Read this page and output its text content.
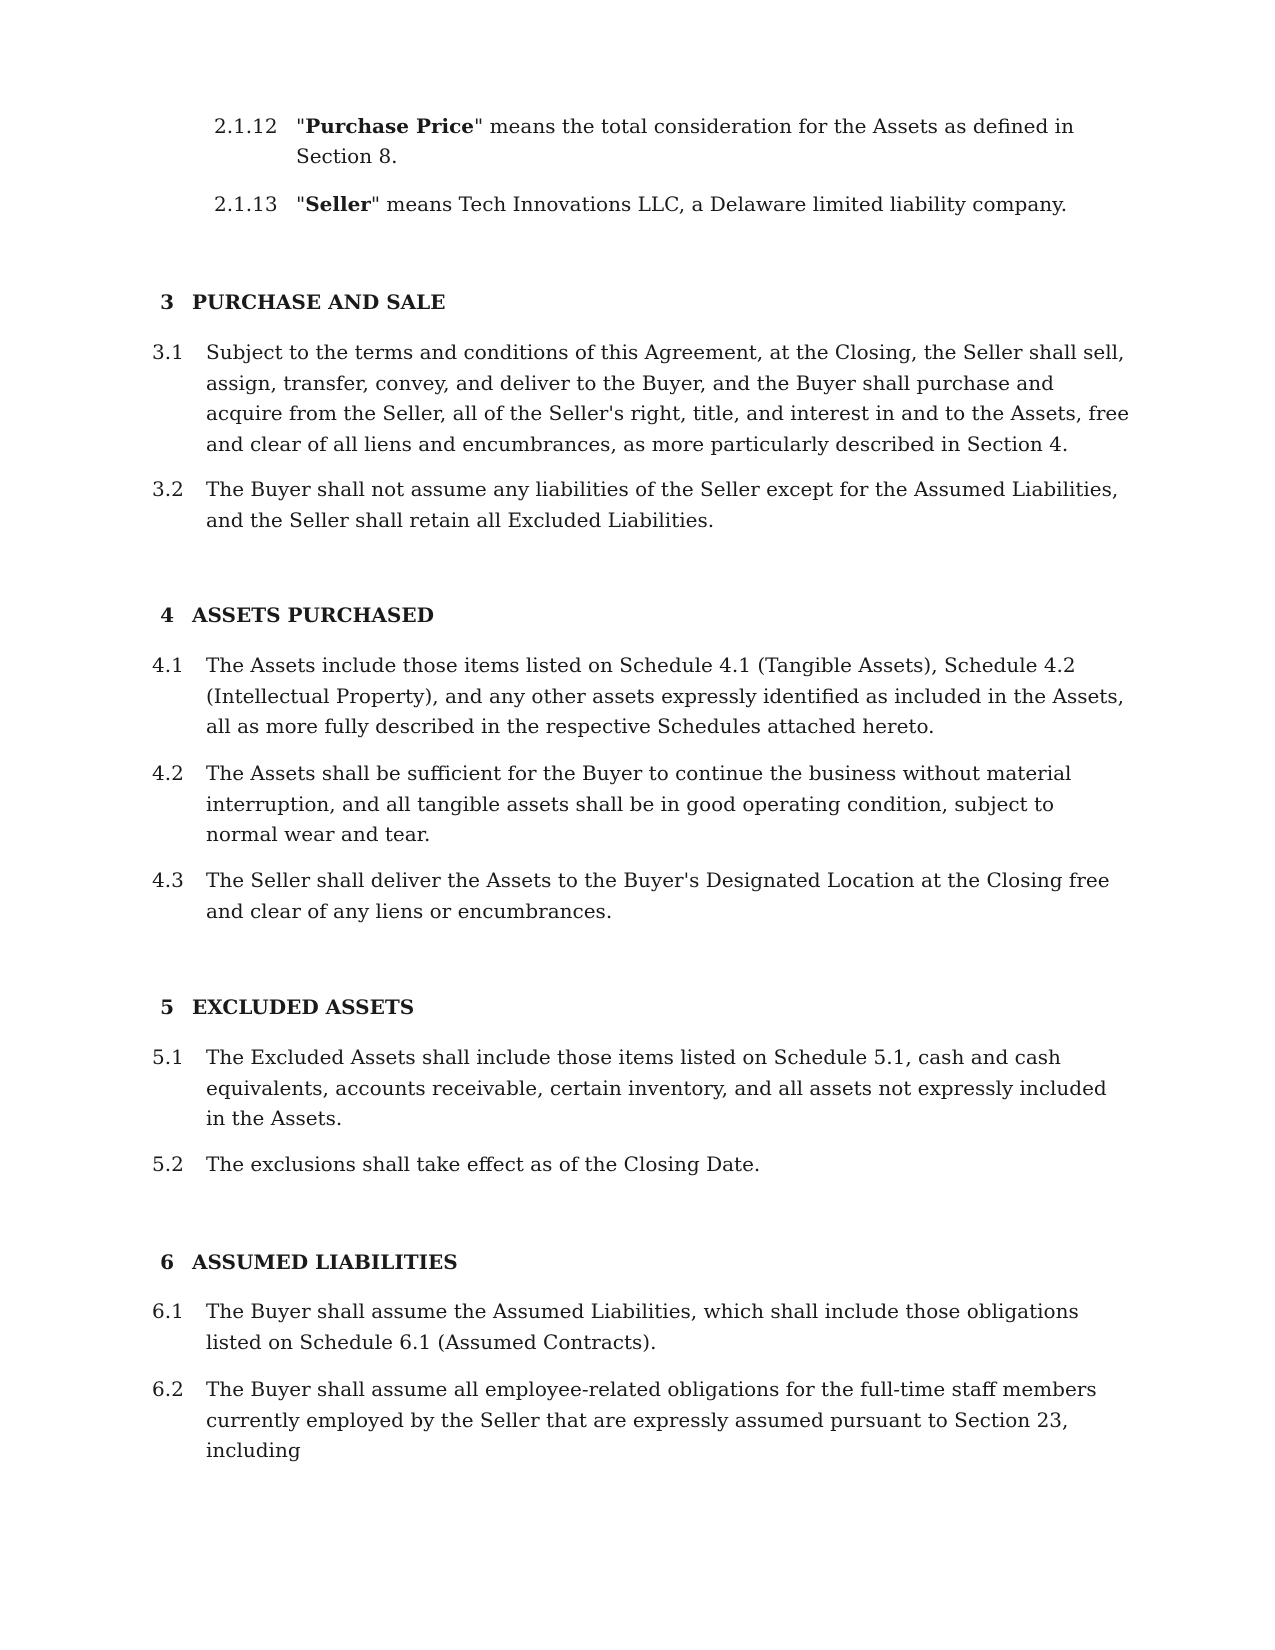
2.1.12 "Purchase Price" means the total consideration for the Assets as defined in Section 8.
2.1.13 "Seller" means Tech Innovations LLC, a Delaware limited liability company.
3 PURCHASE AND SALE
3.1	Subject to the terms and conditions of this Agreement, at the Closing, the Seller shall sell, assign, transfer, convey, and deliver to the Buyer, and the Buyer shall purchase and acquire from the Seller, all of the Seller's right, title, and interest in and to the Assets, free and clear of all liens and encumbrances, as more particularly described in Section 4.
3.2	The Buyer shall not assume any liabilities of the Seller except for the Assumed Liabilities, and the Seller shall retain all Excluded Liabilities.
4 ASSETS PURCHASED
4.1	The Assets include those items listed on Schedule 4.1 (Tangible Assets), Schedule 4.2 (Intellectual Property), and any other assets expressly identified as included in the Assets, all as more fully described in the respective Schedules attached hereto.
4.2	The Assets shall be sufficient for the Buyer to continue the business without material interruption, and all tangible assets shall be in good operating condition, subject to normal wear and tear.
4.3	The Seller shall deliver the Assets to the Buyer's Designated Location at the Closing free and clear of any liens or encumbrances.
5 EXCLUDED ASSETS
5.1	The Excluded Assets shall include those items listed on Schedule 5.1, cash and cash equivalents, accounts receivable, certain inventory, and all assets not expressly included in the Assets.
5.2	The exclusions shall take effect as of the Closing Date.
6 ASSUMED LIABILITIES
6.1	The Buyer shall assume the Assumed Liabilities, which shall include those obligations listed on Schedule 6.1 (Assumed Contracts).
6.2	The Buyer shall assume all employee-related obligations for the full-time staff members currently employed by the Seller that are expressly assumed pursuant to Section 23, including
